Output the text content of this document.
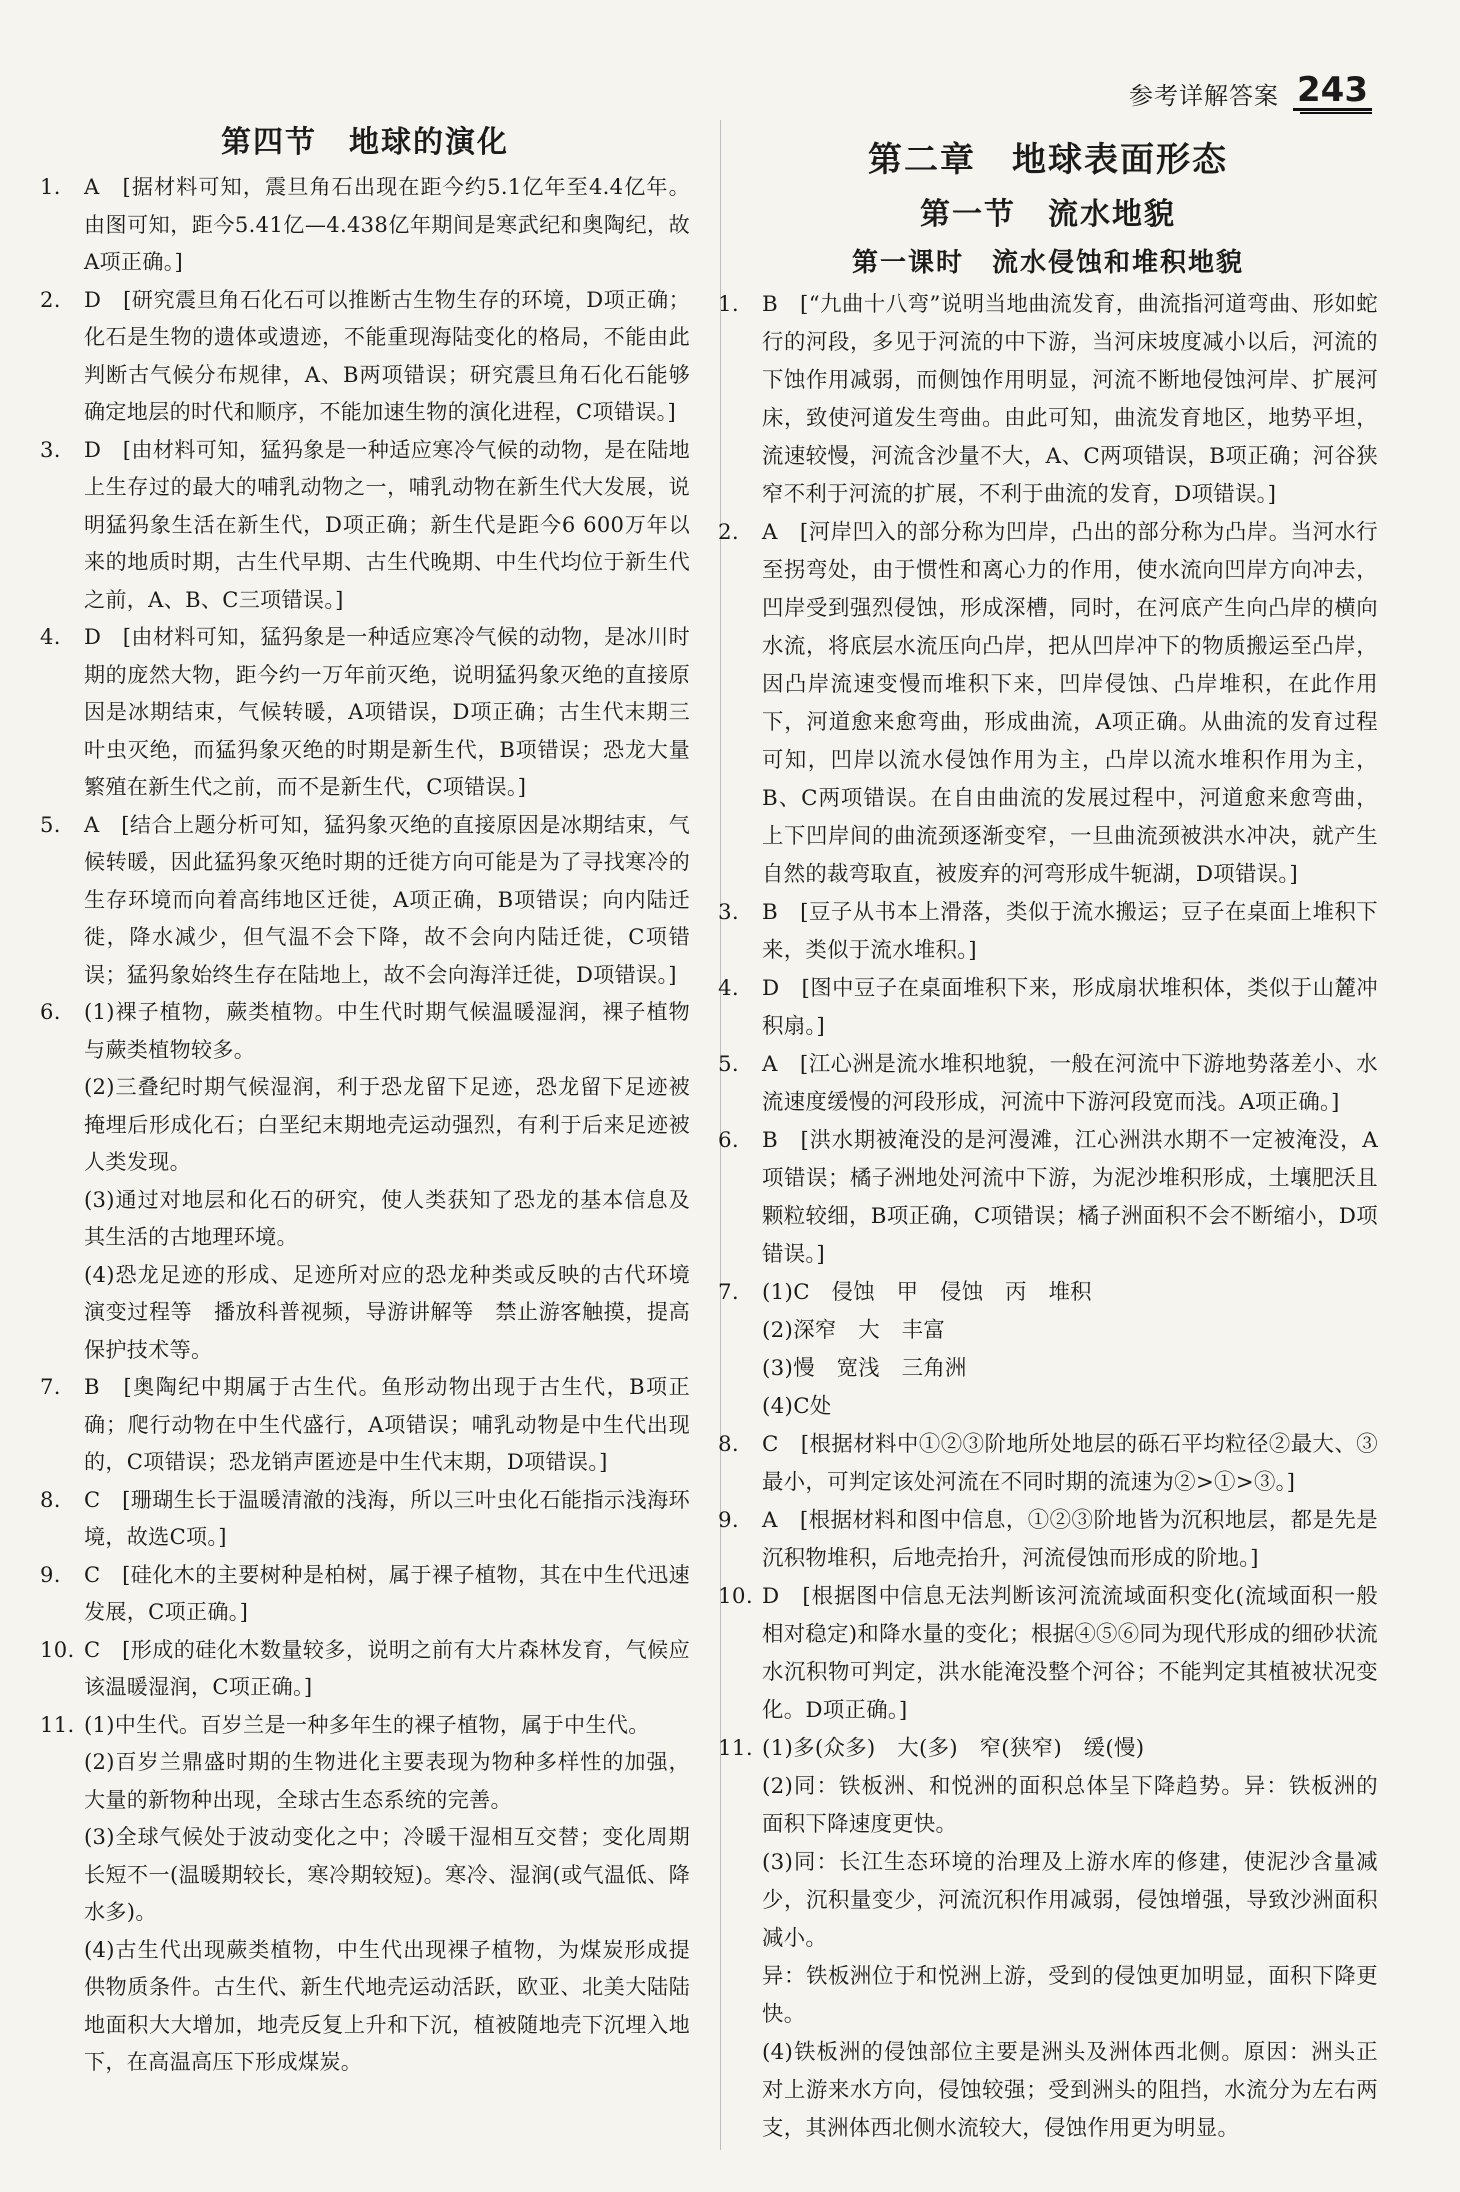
参考详解答案 243
第四节　地球的演化
1.	A　[据材料可知，震旦角石出现在距今约5.1亿年至4.4亿年。由图可知，距今5.41亿—4.438亿年期间是寒武纪和奥陶纪，故A项正确。]

2.	D　[研究震旦角石化石可以推断古生物生存的环境，D项正确；化石是生物的遗体或遗迹，不能重现海陆变化的格局，不能由此判断古气候分布规律，A、B两项错误；研究震旦角石化石能够确定地层的时代和顺序，不能加速生物的演化进程，C项错误。]

3.	D　[由材料可知，猛犸象是一种适应寒冷气候的动物，是在陆地上生存过的最大的哺乳动物之一，哺乳动物在新生代大发展，说明猛犸象生活在新生代，D项正确；新生代是距今6 600万年以来的地质时期，古生代早期、古生代晚期、中生代均位于新生代之前，A、B、C三项错误。]

4.	D　[由材料可知，猛犸象是一种适应寒冷气候的动物，是冰川时期的庞然大物，距今约一万年前灭绝，说明猛犸象灭绝的直接原因是冰期结束，气候转暖，A项错误，D项正确；古生代末期三叶虫灭绝，而猛犸象灭绝的时期是新生代，B项错误；恐龙大量繁殖在新生代之前，而不是新生代，C项错误。]

5.	A　[结合上题分析可知，猛犸象灭绝的直接原因是冰期结束，气候转暖，因此猛犸象灭绝时期的迁徙方向可能是为了寻找寒冷的生存环境而向着高纬地区迁徙，A项正确，B项错误；向内陆迁徙，降水减少，但气温不会下降，故不会向内陆迁徙，C项错误；猛犸象始终生存在陆地上，故不会向海洋迁徙，D项错误。]

6.	(1)裸子植物，蕨类植物。中生代时期气候温暖湿润，裸子植物与蕨类植物较多。

(2)三叠纪时期气候湿润，利于恐龙留下足迹，恐龙留下足迹被掩埋后形成化石；白垩纪末期地壳运动强烈，有利于后来足迹被人类发现。

(3)通过对地层和化石的研究，使人类获知了恐龙的基本信息及其生活的古地理环境。

(4)恐龙足迹的形成、足迹所对应的恐龙种类或反映的古代环境演变过程等　播放科普视频，导游讲解等　禁止游客触摸，提高保护技术等。

7.	B　[奥陶纪中期属于古生代。鱼形动物出现于古生代，B项正确；爬行动物在中生代盛行，A项错误；哺乳动物是中生代出现的，C项错误；恐龙销声匿迹是中生代末期，D项错误。]

8.	C　[珊瑚生长于温暖清澈的浅海，所以三叶虫化石能指示浅海环境，故选C项。]

9.	C　[硅化木的主要树种是柏树，属于裸子植物，其在中生代迅速发展，C项正确。]

10. C　[形成的硅化木数量较多，说明之前有大片森林发育，气候应该温暖湿润，C项正确。]

11. (1)中生代。百岁兰是一种多年生的裸子植物，属于中生代。

(2)百岁兰鼎盛时期的生物进化主要表现为物种多样性的加强，大量的新物种出现，全球古生态系统的完善。

(3)全球气候处于波动变化之中；冷暖干湿相互交替；变化周期长短不一(温暖期较长，寒冷期较短)。寒冷、湿润(或气温低、降水多)。

(4)古生代出现蕨类植物，中生代出现裸子植物，为煤炭形成提供物质条件。古生代、新生代地壳运动活跃，欧亚、北美大陆陆地面积大大增加，地壳反复上升和下沉，植被随地壳下沉埋入地下，在高温高压下形成煤炭。

第二章　地球表面形态
第一节　流水地貌
第一课时　流水侵蚀和堆积地貌
1.	B　[“九曲十八弯”说明当地曲流发育，曲流指河道弯曲、形如蛇行的河段，多见于河流的中下游，当河床坡度减小以后，河流的下蚀作用减弱，而侧蚀作用明显，河流不断地侵蚀河岸、扩展河床，致使河道发生弯曲。由此可知，曲流发育地区，地势平坦，流速较慢，河流含沙量不大，A、C两项错误，B项正确；河谷狭窄不利于河流的扩展，不利于曲流的发育，D项错误。]

2.	A　[河岸凹入的部分称为凹岸，凸出的部分称为凸岸。当河水行至拐弯处，由于惯性和离心力的作用，使水流向凹岸方向冲去，凹岸受到强烈侵蚀，形成深槽，同时，在河底产生向凸岸的横向水流，将底层水流压向凸岸，把从凹岸冲下的物质搬运至凸岸，因凸岸流速变慢而堆积下来，凹岸侵蚀、凸岸堆积，在此作用下，河道愈来愈弯曲，形成曲流，A项正确。从曲流的发育过程可知，凹岸以流水侵蚀作用为主，凸岸以流水堆积作用为主，B、C两项错误。在自由曲流的发展过程中，河道愈来愈弯曲，上下凹岸间的曲流颈逐渐变窄，一旦曲流颈被洪水冲决，就产生自然的裁弯取直，被废弃的河弯形成牛轭湖，D项错误。]

3.	B　[豆子从书本上滑落，类似于流水搬运；豆子在桌面上堆积下来，类似于流水堆积。]

4.	D　[图中豆子在桌面堆积下来，形成扇状堆积体，类似于山麓冲积扇。]

5.	A　[江心洲是流水堆积地貌，一般在河流中下游地势落差小、水流速度缓慢的河段形成，河流中下游河段宽而浅。A项正确。]

6.	B　[洪水期被淹没的是河漫滩，江心洲洪水期不一定被淹没，A项错误；橘子洲地处河流中下游，为泥沙堆积形成，土壤肥沃且颗粒较细，B项正确，C项错误；橘子洲面积不会不断缩小，D项错误。]

7.	(1)C　侵蚀　甲　侵蚀　丙　堆积

(2)深窄　大　丰富

(3)慢　宽浅　三角洲

(4)C处

8.	C　[根据材料中①②③阶地所处地层的砾石平均粒径②最大、③最小，可判定该处河流在不同时期的流速为②>①>③。]

9.	A　[根据材料和图中信息，①②③阶地皆为沉积地层，都是先是沉积物堆积，后地壳抬升，河流侵蚀而形成的阶地。]

10. D　[根据图中信息无法判断该河流流域面积变化(流域面积一般相对稳定)和降水量的变化；根据④⑤⑥同为现代形成的细砂状流水沉积物可判定，洪水能淹没整个河谷；不能判定其植被状况变化。D项正确。]

11. (1)多(众多)　大(多)　窄(狭窄)　缓(慢)

(2)同：铁板洲、和悦洲的面积总体呈下降趋势。异：铁板洲的面积下降速度更快。

(3)同：长江生态环境的治理及上游水库的修建，使泥沙含量减少，沉积量变少，河流沉积作用减弱，侵蚀增强，导致沙洲面积减小。

异：铁板洲位于和悦洲上游，受到的侵蚀更加明显，面积下降更快。

(4)铁板洲的侵蚀部位主要是洲头及洲体西北侧。原因：洲头正对上游来水方向，侵蚀较强；受到洲头的阻挡，水流分为左右两支，其洲体西北侧水流较大，侵蚀作用更为明显。
